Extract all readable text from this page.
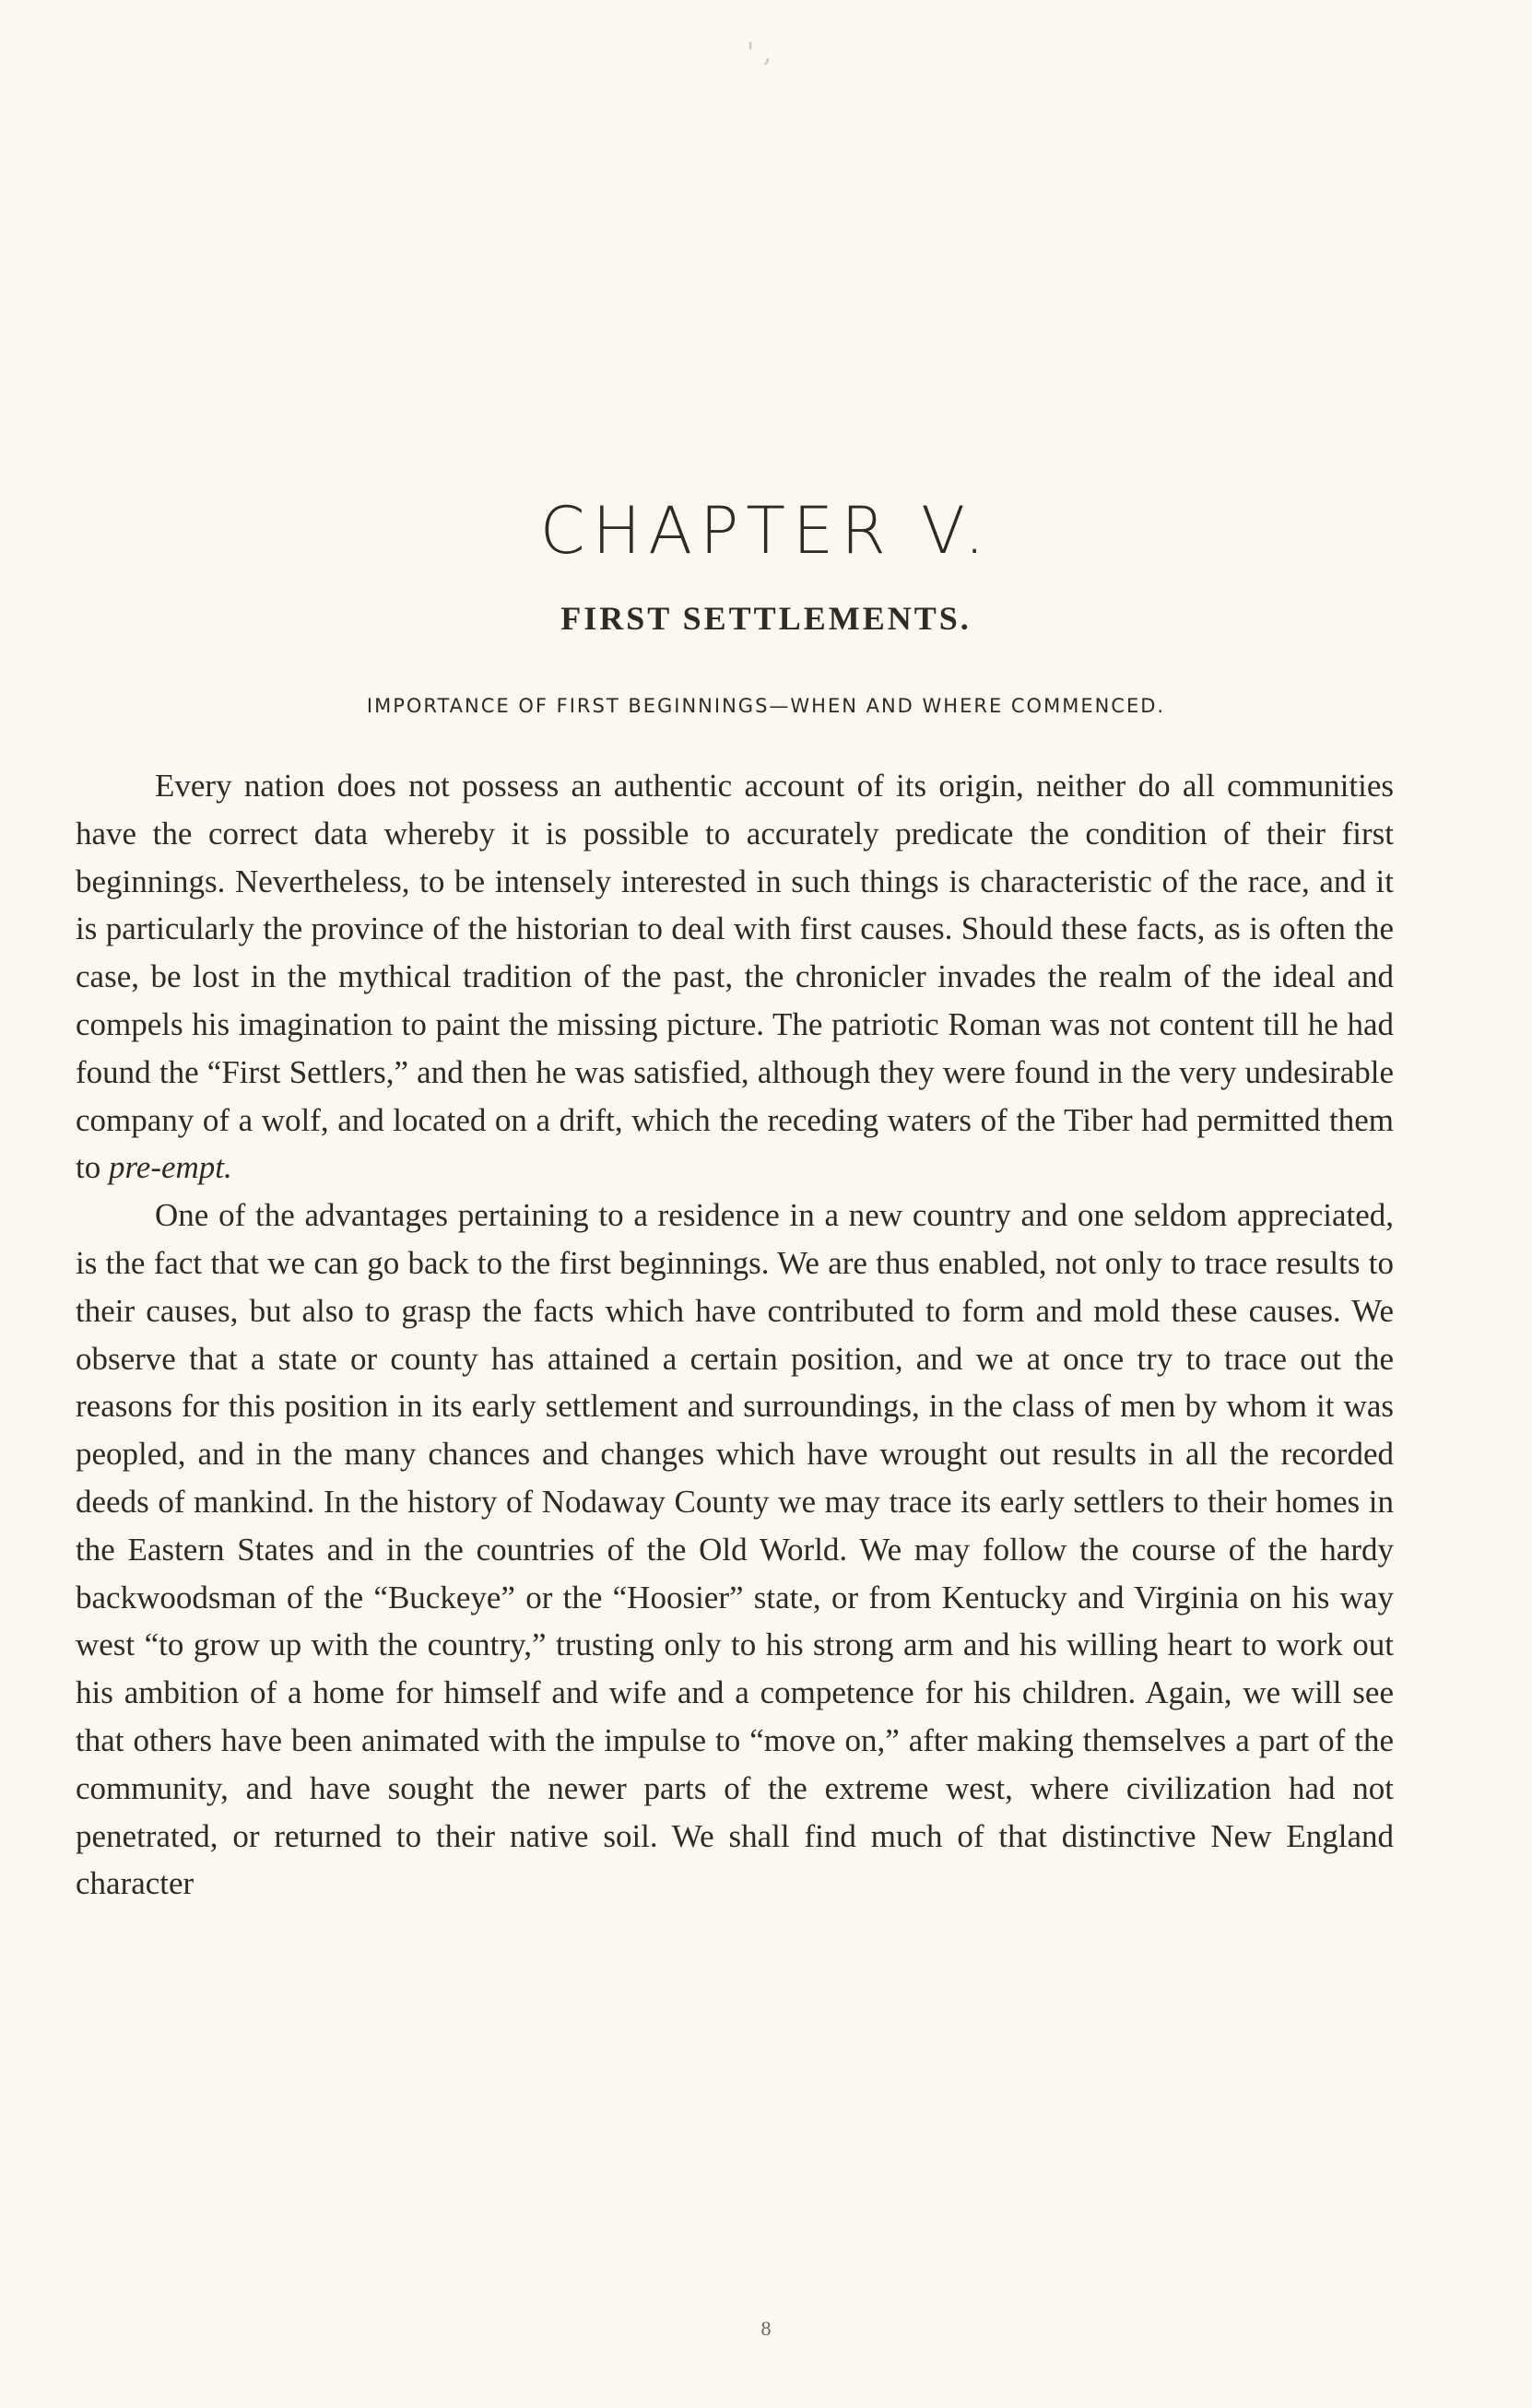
' ,
CHAPTER V.
FIRST SETTLEMENTS.
IMPORTANCE OF FIRST BEGINNINGS—WHEN AND WHERE COMMENCED.

Every nation does not possess an authentic account of its origin, neither do all communities have the correct data whereby it is possible to accurately predicate the condition of their first beginnings. Nevertheless, to be intensely interested in such things is characteristic of the race, and it is particularly the province of the historian to deal with first causes. Should these facts, as is often the case, be lost in the mythical tradition of the past, the chronicler invades the realm of the ideal and compels his imagination to paint the missing picture. The patriotic Roman was not content till he had found the “First Settlers,” and then he was satisfied, although they were found in the very undesirable company of a wolf, and located on a drift, which the receding waters of the Tiber had permitted them to pre-empt.

One of the advantages pertaining to a residence in a new country and one seldom appreciated, is the fact that we can go back to the first beginnings. We are thus enabled, not only to trace results to their causes, but also to grasp the facts which have contributed to form and mold these causes. We observe that a state or county has attained a certain position, and we at once try to trace out the reasons for this position in its early settlement and surroundings, in the class of men by whom it was peopled, and in the many chances and changes which have wrought out results in all the recorded deeds of mankind. In the history of Nodaway County we may trace its early settlers to their homes in the Eastern States and in the countries of the Old World. We may follow the course of the hardy backwoodsman of the “Buckeye” or the “Hoosier” state, or from Kentucky and Virginia on his way west “to grow up with the country,” trusting only to his strong arm and his willing heart to work out his ambition of a home for himself and wife and a competence for his children. Again, we will see that others have been animated with the impulse to “move on,” after making themselves a part of the community, and have sought the newer parts of the extreme west, where civilization had not penetrated, or returned to their native soil. We shall find much of that distinctive New England character

8
